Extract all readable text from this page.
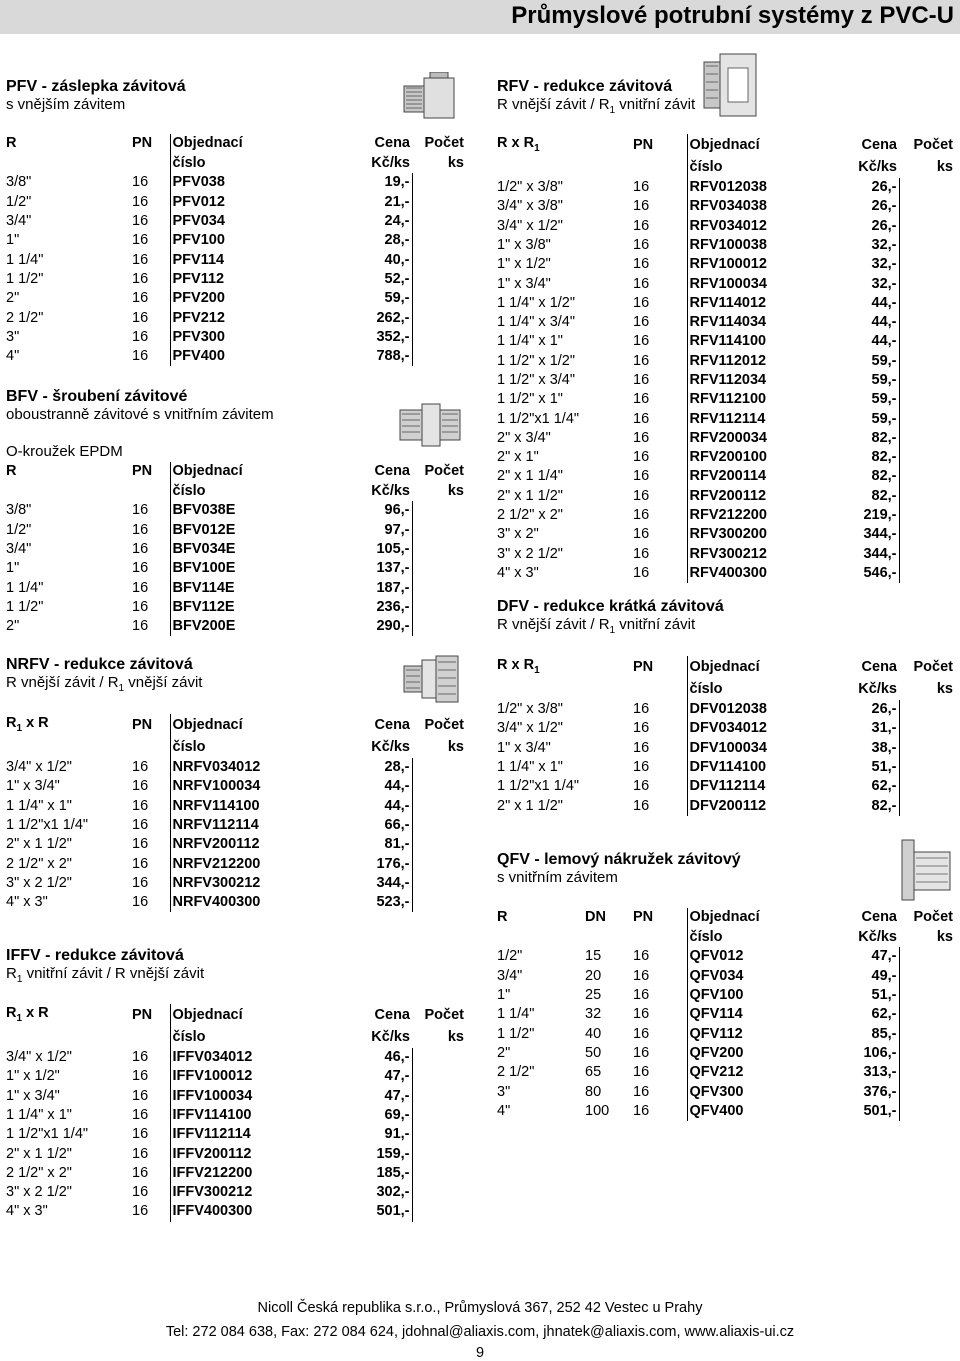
Průmyslové potrubní systémy z PVC-U
PFV - záslepka závitová
s vnějším závitem
R	PN	Objednací	Cena	Počet
		číslo	Kč/ks	ks
3/8"	16	PFV038	19,-	
1/2"	16	PFV012	21,-	
3/4"	16	PFV034	24,-	
1"	16	PFV100	28,-	
1 1/4"	16	PFV114	40,-	
1 1/2"	16	PFV112	52,-	
2"	16	PFV200	59,-	
2 1/2"	16	PFV212	262,-	
3"	16	PFV300	352,-	
4"	16	PFV400	788,-	
BFV - šroubení závitové
oboustranně závitové s vnitřním závitem
O-kroužek EPDM
R	PN	Objednací	Cena	Počet
		číslo	Kč/ks	ks
3/8"	16	BFV038E	96,-	
1/2"	16	BFV012E	97,-	
3/4"	16	BFV034E	105,-	
1"	16	BFV100E	137,-	
1 1/4"	16	BFV114E	187,-	
1 1/2"	16	BFV112E	236,-	
2"	16	BFV200E	290,-	
NRFV - redukce závitová
R vnější závit / $R_1$ vnější závit
$R_1$ x R	PN	Objednací	Cena	Počet
		číslo	Kč/ks	ks
3/4" x 1/2"	16	NRFV034012	28,-	
1" x 3/4"	16	NRFV100034	44,-	
1 1/4" x 1"	16	NRFV114100	44,-	
1 1/2"x1 1/4"	16	NRFV112114	66,-	
2" x 1 1/2"	16	NRFV200112	81,-	
2 1/2" x 2"	16	NRFV212200	176,-	
3" x 2 1/2"	16	NRFV300212	344,-	
4" x 3"	16	NRFV400300	523,-	
IFFV - redukce závitová
$R_1$ vnitřní závit / R vnější závit
$R_1$ x R	PN	Objednací	Cena	Počet
		číslo	Kč/ks	ks
3/4" x 1/2"	16	IFFV034012	46,-	
1" x 1/2"	16	IFFV100012	47,-	
1" x 3/4"	16	IFFV100034	47,-	
1 1/4" x 1"	16	IFFV114100	69,-	
1 1/2"x1 1/4"	16	IFFV112114	91,-	
2" x 1 1/2"	16	IFFV200112	159,-	
2 1/2" x 2"	16	IFFV212200	185,-	
3" x 2 1/2"	16	IFFV300212	302,-	
4" x 3"	16	IFFV400300	501,-	
RFV - redukce závitová
R vnější závit / $R_1$ vnitřní závit
R x $R_1$	PN	Objednací	Cena	Počet
		číslo	Kč/ks	ks
1/2" x 3/8"	16	RFV012038	26,-	
3/4" x 3/8"	16	RFV034038	26,-	
3/4" x 1/2"	16	RFV034012	26,-	
1" x 3/8"	16	RFV100038	32,-	
1" x 1/2"	16	RFV100012	32,-	
1" x 3/4"	16	RFV100034	32,-	
1 1/4" x 1/2"	16	RFV114012	44,-	
1 1/4" x 3/4"	16	RFV114034	44,-	
1 1/4" x 1"	16	RFV114100	44,-	
1 1/2" x 1/2"	16	RFV112012	59,-	
1 1/2" x 3/4"	16	RFV112034	59,-	
1 1/2" x 1"	16	RFV112100	59,-	
1 1/2"x1 1/4"	16	RFV112114	59,-	
2" x 3/4"	16	RFV200034	82,-	
2" x 1"	16	RFV200100	82,-	
2" x 1 1/4"	16	RFV200114	82,-	
2" x 1 1/2"	16	RFV200112	82,-	
2 1/2" x 2"	16	RFV212200	219,-	
3" x 2"	16	RFV300200	344,-	
3" x 2 1/2"	16	RFV300212	344,-	
4" x 3"	16	RFV400300	546,-	
DFV - redukce krátká závitová
R vnější závit / $R_1$ vnitřní závit
R x $R_1$	PN	Objednací	Cena	Počet
		číslo	Kč/ks	ks
1/2" x 3/8"	16	DFV012038	26,-	
3/4" x 1/2"	16	DFV034012	31,-	
1" x 3/4"	16	DFV100034	38,-	
1 1/4" x 1"	16	DFV114100	51,-	
1 1/2"x1 1/4"	16	DFV112114	62,-	
2" x 1 1/2"	16	DFV200112	82,-	
QFV - lemový nákružek závitový
s vnitřním závitem
R	DN	PN	Objednací	Cena	Počet
			číslo	Kč/ks	ks
1/2"	15	16	QFV012	47,-	
3/4"	20	16	QFV034	49,-	
1"	25	16	QFV100	51,-	
1 1/4"	32	16	QFV114	62,-	
1 1/2"	40	16	QFV112	85,-	
2"	50	16	QFV200	106,-	
2 1/2"	65	16	QFV212	313,-	
3"	80	16	QFV300	376,-	
4"	100	16	QFV400	501,-	
Nicoll Česká republika s.r.o., Průmyslová 367, 252 42 Vestec u Prahy
Tel: 272 084 638, Fax: 272 084 624, jdohnal@aliaxis.com, jhnatek@aliaxis.com, www.aliaxis-ui.cz
9
